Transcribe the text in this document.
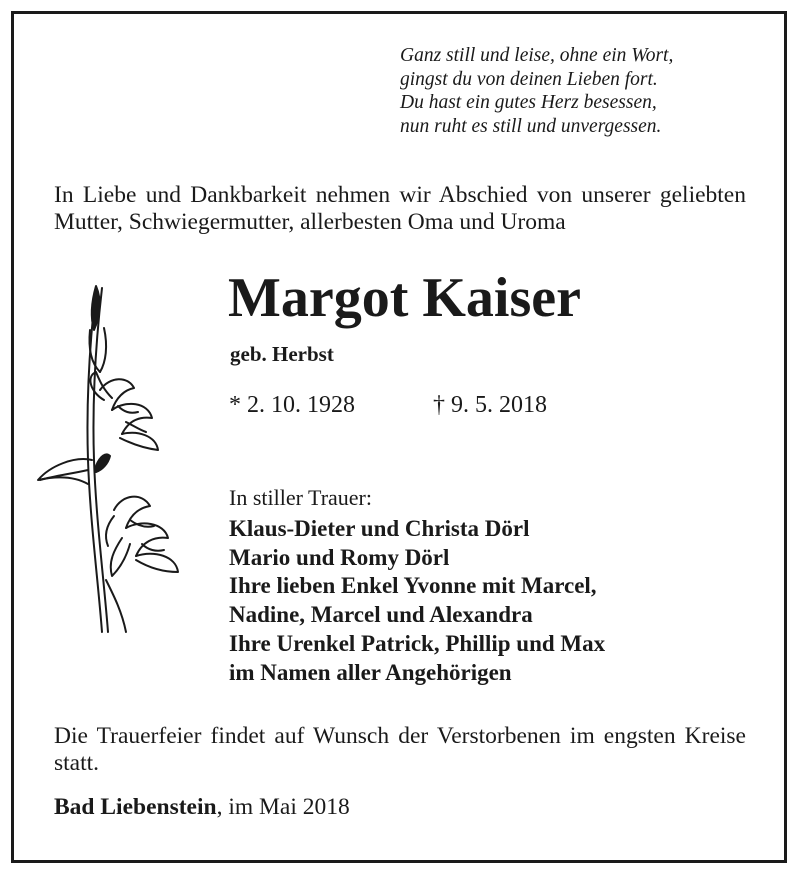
Ganz still und leise, ohne ein Wort,
gingst du von deinen Lieben fort.
Du hast ein gutes Herz besessen,
nun ruht es still und unvergessen.
In Liebe und Dankbarkeit nehmen wir Abschied von unserer geliebten Mutter, Schwiegermutter, allerbesten Oma und Uroma
Margot Kaiser
geb. Herbst
* 2. 10. 1928	† 9. 5. 2018
In stiller Trauer:
Klaus-Dieter und Christa Dörl
Mario und Romy Dörl
Ihre lieben Enkel Yvonne mit Marcel,
Nadine, Marcel und Alexandra
Ihre Urenkel Patrick, Phillip und Max
im Namen aller Angehörigen
Die Trauerfeier findet auf Wunsch der Verstorbenen im engsten Kreise statt.
Bad Liebenstein, im Mai 2018
